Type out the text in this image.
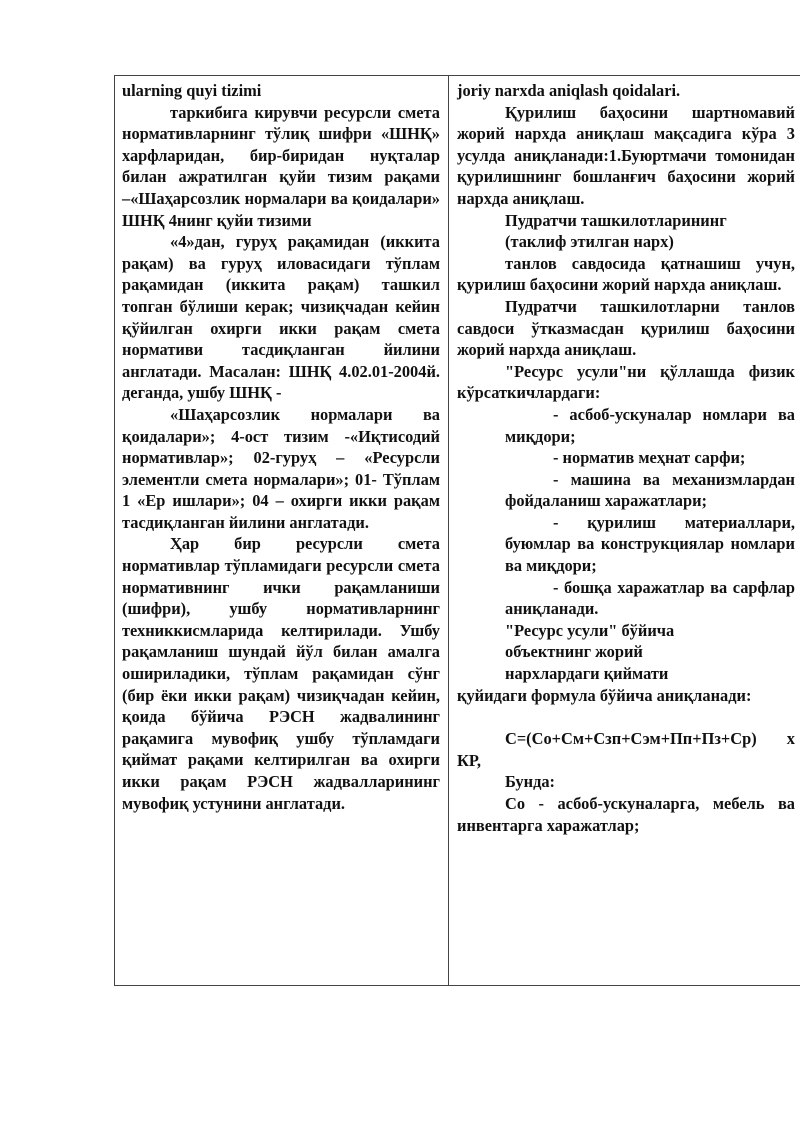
ularning quyi tizimi

таркибига кирувчи ресурсли смета нормативларнинг тўлиқ шифри «ШНҚ» харфларидан, бир-биридан нуқталар билан ажратилган қуйи тизим рақами –«Шаҳарсозлик нормалари ва қоидалари» ШНҚ 4нинг қуйи тизими

«4»дан, гуруҳ рақамидан (иккита рақам) ва гуруҳ иловасидаги тўплам рақамидан (иккита рақам) ташкил топган бўлиши керак; чизиқчадан кейин қўйилган охирги икки рақам смета нормативи тасдиқланган йилини англатади. Масалан: ШНҚ 4.02.01-2004й. деганда, ушбу ШНҚ -

«Шаҳарсозлик нормалари ва қоидалари»; 4-ост тизим -«Иқтисодий нормативлар»; 02-гуруҳ – «Ресурсли элементли смета нормалари»; 01- Тўплам 1 «Ер ишлари»; 04 – охирги икки рақам тасдиқланган йилини англатади.

Ҳар бир ресурсли смета нормативлар тўпламидаги ресурсли смета нормативнинг ички рақамланиши (шифри), ушбу нормативларнинг техниккисмларида келтирилади. Ушбу рақамланиш шундай йўл билан амалга ошириладики, тўплам рақамидан сўнг (бир ёки икки рақам) чизиқчадан кейин, қоида бўйича РЭСН жадвалининг рақамига мувофиқ ушбу тўпламдаги қиймат рақами келтирилган ва охирги икки рақам РЭСН жадвалларининг мувофиқ устунини англатади.

joriy narxda aniqlash qoidalari.

Қурилиш баҳосини шартномавий жорий нархда аниқлаш мақсадига кўра 3 усулда аниқланади:1.Буюртмачи томонидан қурилишнинг бошланғич баҳосини жорий нархда аниқлаш.

Пудратчи ташкилотларининг

(таклиф этилган нарх)

танлов савдосида қатнашиш учун, қурилиш баҳосини жорий нархда аниқлаш.

Пудратчи ташкилотларни танлов савдоси ўтказмасдан қурилиш баҳосини жорий нархда аниқлаш.

"Ресурс усули"ни қўллашда физик кўрсаткичлардаги:

- асбоб-ускуналар номлари ва миқдори;

- норматив меҳнат сарфи;

- машина ва механизмлардан фойдаланиш харажатлари;

- қурилиш материаллари, буюмлар ва конструкциялар номлари ва миқдори;

- бошқа харажатлар ва сарфлар аниқланади.

"Ресурс усули" бўйича

объектнинг жорий

нархлардаги қиймати

қуйидаги формула бўйича аниқланади:

С=(Со+См+Сзп+Сэм+Пп+Пз+Ср) х КР,

Бунда:

Со - асбоб-ускуналарга, мебель ва инвентарга харажатлар;
